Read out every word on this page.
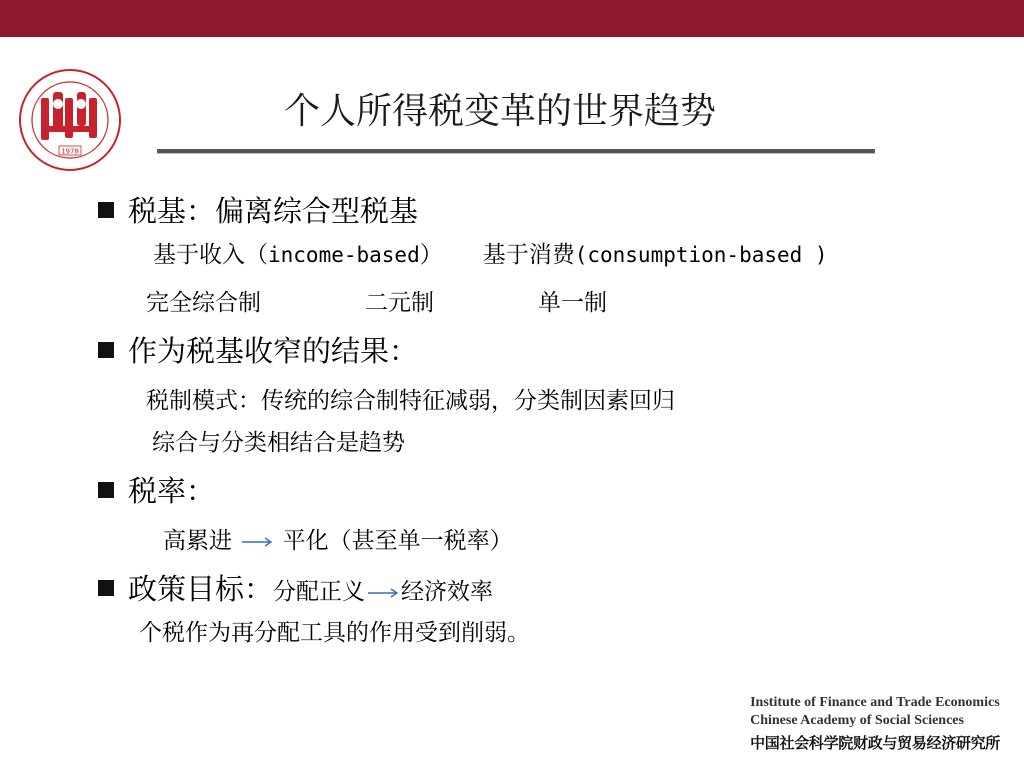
1978
个人所得税变革的世界趋势
税基：偏离综合型税基
基于收入（income-based） 基于消费(consumption-based )
完全综合制	二元制	单一制
作为税基收窄的结果：
税制模式：传统的综合制特征减弱，分类制因素回归
综合与分类相结合是趋势
税率：
高累进 平化（甚至单一税率）
政策目标：分配正义 经济效率
个税作为再分配工具的作用受到削弱。
Institute of Finance and Trade Economics
Chinese Academy of Social Sciences
中国社会科学院财政与贸易经济研究所
